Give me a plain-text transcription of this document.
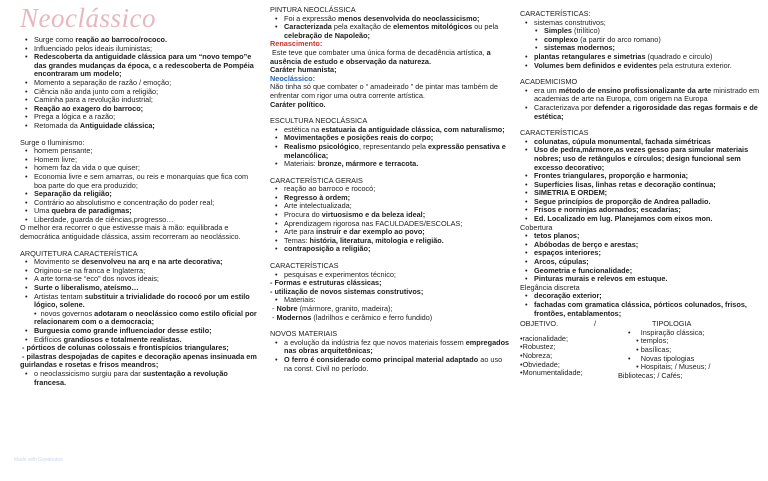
Neoclássico
• Surge como reação ao barroco/rococo.
• Influenciado pelos ideais iluministas;
• Redescoberta da antiguidade clássica para um “novo tempo”e das grandes mudanças da época, c a redescoberta de Pompéia encontraram um modelo;
• Momento a separação de razão / emoção;
• Ciência não anda junto com a religião;
• Caminha para a revolução industrial;
• Reação ao exagero do barroco;
• Prega a lógica e a razão;
• Retomada da Antiguidade clássica;

Surge o Iluminismo:

• homem pensante;
• Homem livre;
• homem faz da vida o que quiser;
• Economia livre e sem amarras, ou reis e monarquias que fica com boa parte do que era produzido;
• Separação da religião;
• Contrário ao absolutismo e concentração do poder real;
• Uma quebra de paradigmas;
• Liberdade, guarda de ciências,progresso…

O melhor era recorrer o que estivesse mais à mão: equilibrada e democrática antiguidade clássica, assim recorreram ao neoclássico.

ARQUITETURA CARACTERÍSTICA

• Movimento se desenvolveu na arq e na arte decorativa;
• Originou-se na franca e Inglaterra;
• A arte torna-se “eco” dos novos ideais;
• Surte o liberalismo, ateísmo…
• Artistas tentam substituir a trivialidade do rococó por um estilo lógico, solene.
•  novos governos adotaram o neoclássico como estilo oficial por relacionarem com o a democracia;
• Burguesia como grande influenciador desse estilo;
• Edifícios grandiosos e totalmente realistas.

- pórticos de colunas colossais e frontispícios triangulares;

- pilastras despojadas de capites e decoração apenas insinuada em guirlandas e rosetas e frisos meandros;

• o neoclassicismo surgiu para dar sustentação a revolução francesa.
Made with Goodnotes

PINTURA NEOCLÁSSICA

• Foi a expressão menos desenvolvida do neoclassicismo;
• Caracterizada pela exaltação de elementos mitológicos ou pela celebração de Napoleão;

Renascimento:

Este teve que combater uma única forma de decadência artística, a ausência de estudo e observação da natureza.

Caráter humanista;

Neoclássico:

Não tinha só que combater o “ amadeirado ” de pintar mas também de enfrentar com rigor uma outra corrente artística.

Caráter político.

ESCULTURA NEOCLÁSSICA

• estética na estatuaria da antiguidade clássica, com naturalismo;
• Movimentações e posições reais do corpo;
• Realismo psicológico, representando pela expressão pensativa e melancólica;
• Materiais: bronze, mármore e terracota.

CARACTERÍSTICA GERAIS

• reação ao barroco e rococó;
• Regresso à ordem;
• Arte intelectualizada;
• Procura do virtuosismo e da beleza ideal;
• Aprendizagem rigorosa nas FACULDADES/ESCOLAS;
• Arte para instruir e dar exemplo ao povo;
• Temas: história, literatura, mitologia e religião.
• contraposição a religião;

CARACTERÍSTICAS

• pesquisas e experimentos técnico;

- Formas e estruturas clássicas;

- utilização de novos sistemas construtivos;

• Materiais:

- Nobre (mármore, granito, madeira);

- Modernos (ladrilhos e cerâmico e ferro fundido)

NOVOS MATERIAIS

• a evolução da indústria fez que novos materiais fossem empregados nas obras arquitetônicas;
• O ferro é considerado como principal material adaptado ao uso na const. Civil no período.

CARACTERÍSTICAS:

• sistemas construtivos;
• Simples (trilítico)
• complexo (a partir do arco romano)
• sistemas modernos;
• plantas retangulares e simetrias (quadrado e circulo)
• Volumes bem definidos e evidentes pela estrutura exterior.

ACADEMICISMO

• era um método de ensino profissionalizante da arte ministrado em academias de arte na Europa, com origem na Europa
• Caracterizava por defender a rigorosidade das regas formais e de estética;

CARACTERÍSTICAS

• colunatas, cúpula monumental, fachada simétricas
• Uso de pedra,mármore,as vezes gesso para simular materiais nobres; uso de retângulos e círculos; design funcional sem excesso decorativo;
• Frontes triangulares, proporção e harmonia;
• Superfícies lisas, linhas retas e decoração contínua;
• SIMETRIA E ORDEM;
• Segue princípios de proporção de Andrea palladio.
• Frisos e norninjas adornados; escadarias;
• Ed. Localizado em lug. Planejamos com eixos mon.

Cobertura

• tetos planos;
• Abóbodas de berço e arestas;
• espaços interiores;
• Arcos, cúpulas;
• Geometria e funcionalidade;
• Pinturas murais e relevos em estuque.

Elegância discreta

• decoração exterior;
• fachadas com gramatica clássica, pórticos colunados, frisos, frontões, entablamentos;
OBJETIVO.	/	TIPOLOGIA

•racionalidade;

•Robustez;

•Nobreza;

•Obviedade;

•Monumentalidade;

•     Inspiração clássica;

• templos;

• basílicas;

•     Novas tipologias

• Hospitais; / Museus; /

Bibliotecas; / Cafés;
